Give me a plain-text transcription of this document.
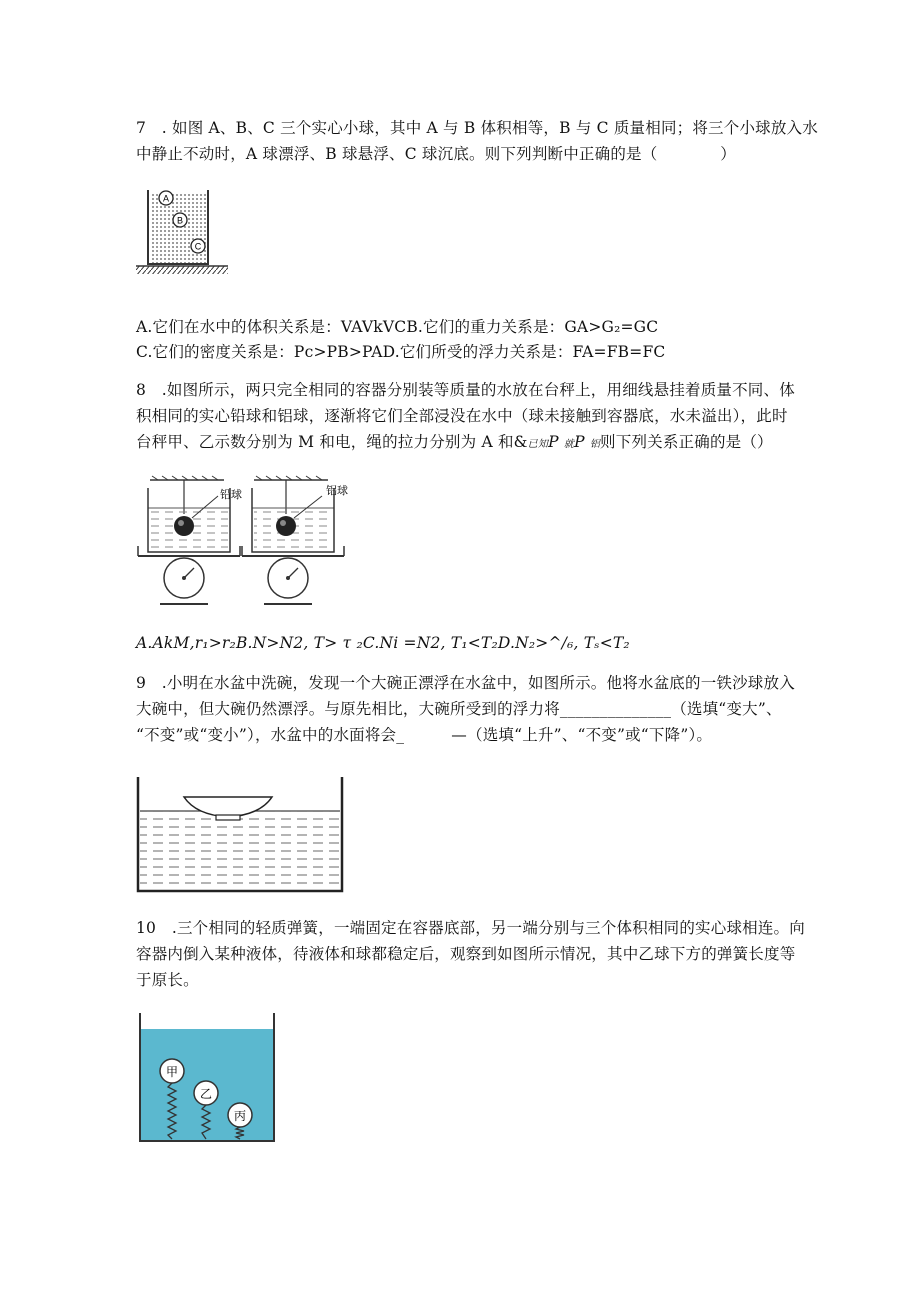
7　. 如图 A、B、C 三个实心小球，其中 A 与 B 体积相等，B 与 C 质量相同；将三个小球放入水
中静止不动时，A 球漂浮、B 球悬浮、C 球沉底。则下列判断中正确的是（　　　　）
A
B
C
A.它们在水中的体积关系是：VAVkVCB.它们的重力关系是：GA>G₂=GC
C.它们的密度关系是：Pc>PB>PAD.它们所受的浮力关系是：FA=FB=FC
8　.如图所示，两只完全相同的容器分别装等质量的水放在台秤上，用细线悬挂着质量不同、体
积相同的实心铅球和铝球，逐渐将它们全部浸没在水中（球未接触到容器底，水未溢出），此时
台秤甲、乙示数分别为 M 和电，绳的拉力分别为 A 和&已知P 就P 铝则下列关系正确的是（）
铅球	铝球
A.AkM,r₁>r₂B.N>N2, T> τ ₂C.Ni =N2, T₁<T₂D.N₂>^/₆, Tₛ<T₂
9　.小明在水盆中洗碗，发现一个大碗正漂浮在水盆中，如图所示。他将水盆底的一铁沙球放入
大碗中，但大碗仍然漂浮。与原先相比，大碗所受到的浮力将______________（选填“变大”、
“不变”或“变小”），水盆中的水面将会_　　　—（选填“上升”、“不变”或“下降”）。
10　.三个相同的轻质弹簧，一端固定在容器底部，另一端分别与三个体积相同的实心球相连。向
容器内倒入某种液体，待液体和球都稳定后，观察到如图所示情况，其中乙球下方的弹簧长度等
于原长。
甲
乙
丙
